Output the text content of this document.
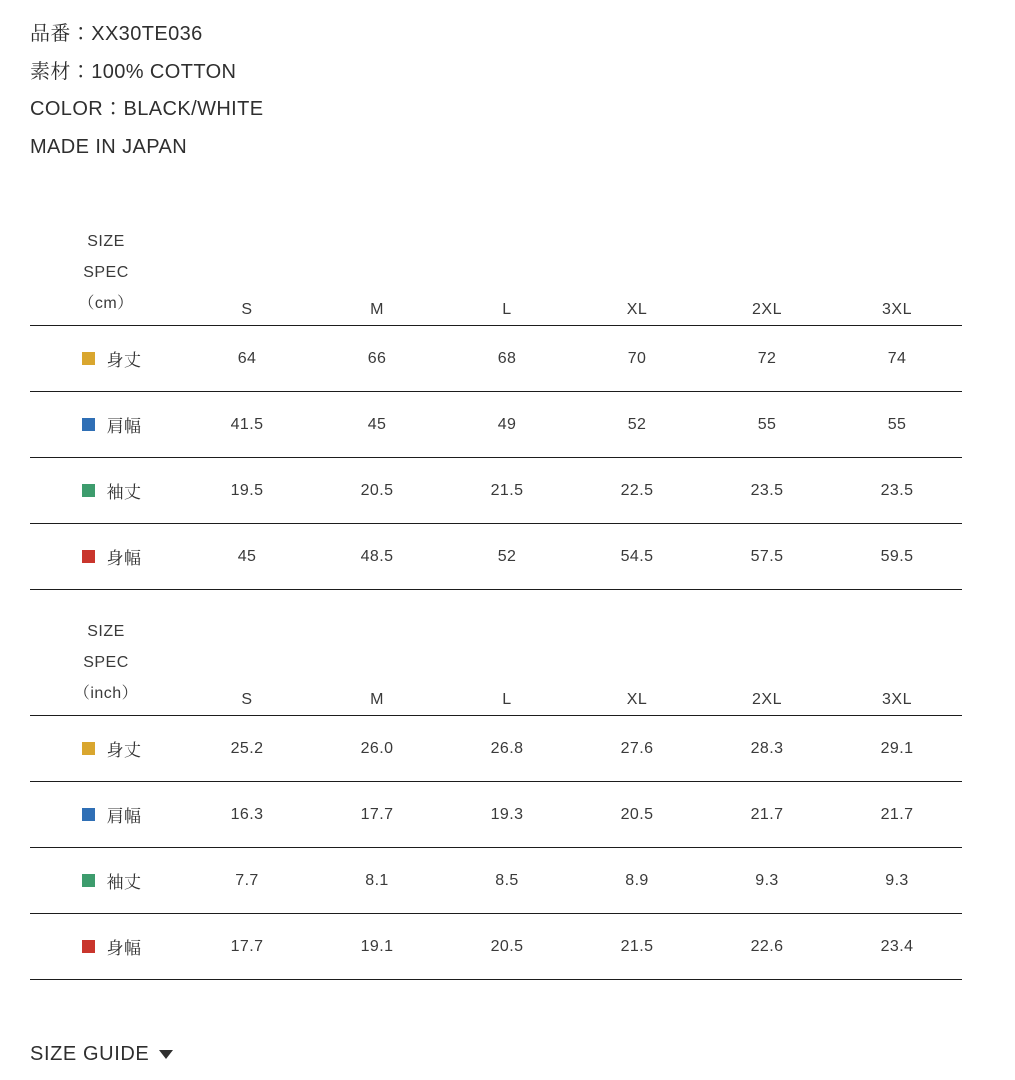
品番：XX30TE036
素材：100% COTTON
COLOR：BLACK/WHITE
MADE IN JAPAN
SIZE
SPEC
（cm）	S	M	L	XL	2XL	3XL
身丈	64	66	68	70	72	74
肩幅	41.5	45	49	52	55	55
袖丈	19.5	20.5	21.5	22.5	23.5	23.5
身幅	45	48.5	52	54.5	57.5	59.5
SIZE
SPEC
（inch）	S	M	L	XL	2XL	3XL
身丈	25.2	26.0	26.8	27.6	28.3	29.1
肩幅	16.3	17.7	19.3	20.5	21.7	21.7
袖丈	7.7	8.1	8.5	8.9	9.3	9.3
身幅	17.7	19.1	20.5	21.5	22.6	23.4
SIZE GUIDE
